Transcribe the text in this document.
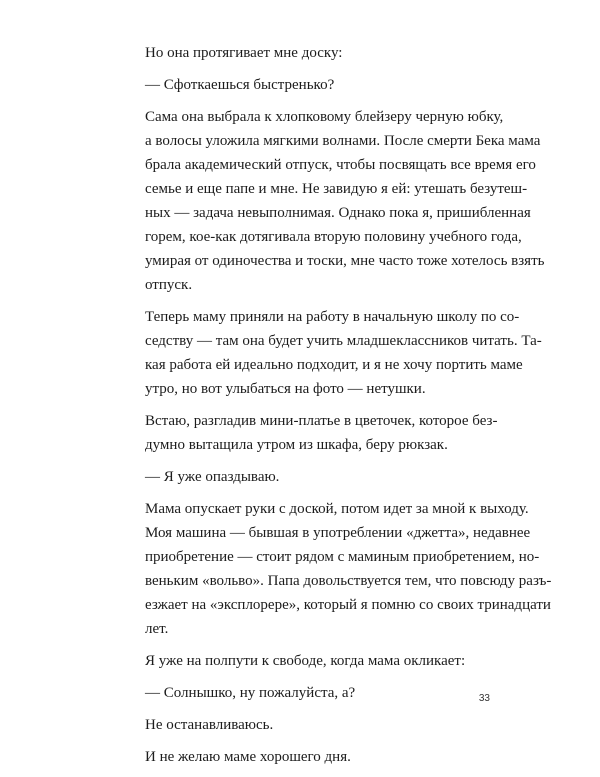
Но она протягивает мне доску:

— Сфоткаешься быстренько?

Сама она выбрала к хлопковому блейзеру черную юбку,
а волосы уложила мягкими волнами. После смерти Бека мама
брала академический отпуск, чтобы посвящать все время его
семье и еще папе и мне. Не завидую я ей: утешать безутеш-
ных — задача невыполнимая. Однако пока я, пришибленная
горем, кое-как дотягивала вторую половину учебного года,
умирая от одиночества и тоски, мне часто тоже хотелось взять
отпуск.

Теперь маму приняли на работу в начальную школу по со-
седству — там она будет учить младшеклассников читать. Та-
кая работа ей идеально подходит, и я не хочу портить маме
утро, но вот улыбаться на фото — нетушки.

Встаю, разгладив мини-платье в цветочек, которое без-
думно вытащила утром из шкафа, беру рюкзак.

— Я уже опаздываю.

Мама опускает руки с доской, потом идет за мной к выходу.
Моя машина — бывшая в употреблении «джетта», недавнее
приобретение — стоит рядом с маминым приобретением, но-
веньким «вольво». Папа довольствуется тем, что повсюду разъ-
езжает на «эксплорере», который я помню со своих тринадцати
лет.

Я уже на полпути к свободе, когда мама окликает:

— Солнышко, ну пожалуйста, а?

Не останавливаюсь.

И не желаю маме хорошего дня.

33
